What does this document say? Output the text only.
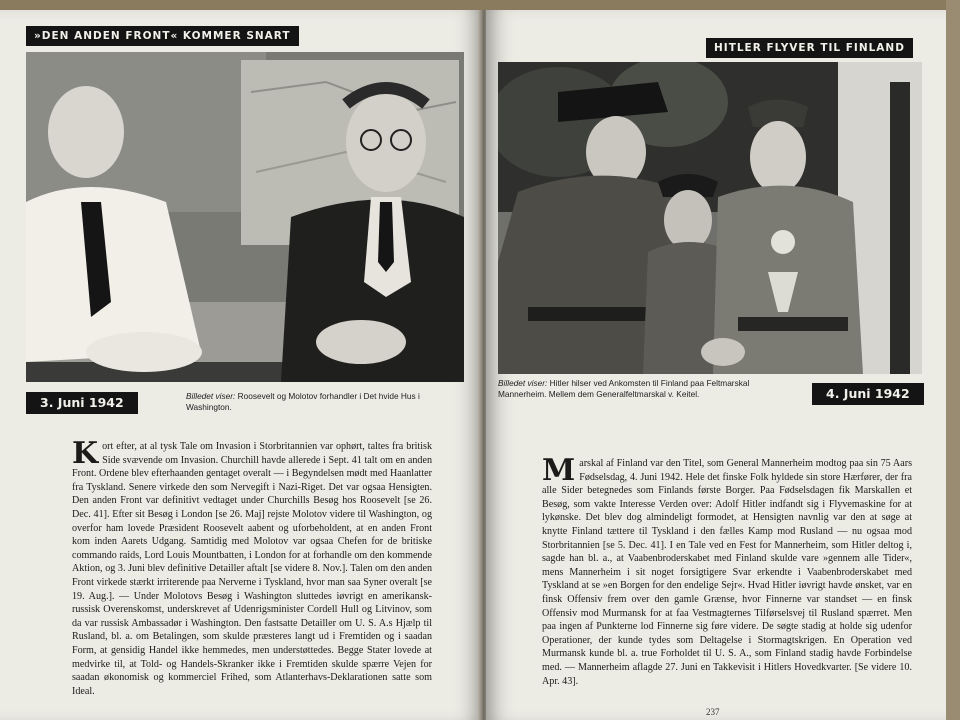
»DEN ANDEN FRONT« KOMMER SNART
3. Juni 1942	Billedet viser: Roosevelt og Molotov forhandler i Det hvide Hus i Washington.

K ort efter, at al tysk Tale om Invasion i Storbritannien var ophørt, taltes fra britisk Side svævende om Invasion. Churchill havde allerede i Sept. 41 talt om en anden Front. Ordene blev efterhaanden gentaget overalt — i Begyndelsen mødt med Haanlatter fra Tyskland. Senere virkede den som Nervegift i Nazi-Riget. Det var ogsaa Hensigten. Den anden Front var definitivt vedtaget under Churchills Besøg hos Roosevelt [se 26. Dec. 41]. Efter sit Besøg i London [se 26. Maj] rejste Molotov videre til Washington, og overfor ham lovede Præsident Roosevelt aabent og uforbeholdent, at en anden Front kom inden Aarets Udgang. Samtidig med Molotov var ogsaa Chefen for de britiske commando raids, Lord Louis Mountbatten, i London for at forhandle om den kommende Aktion, og 3. Juni blev definitive Detailler aftalt [se videre 8. Nov.]. Talen om den anden Front virkede stærkt irriterende paa Nerverne i Tyskland, hvor man saa Syner overalt [se 19. Aug.]. — Under Molotovs Besøg i Washington sluttedes iøvrigt en amerikansk-russisk Overenskomst, underskrevet af Udenrigsminister Cordell Hull og Litvinov, som da var russisk Ambassadør i Washington. Den fastsatte Detailler om U. S. A.s Hjælp til Rusland, bl. a. om Betalingen, som skulde præsteres langt ud i Fremtiden og i saadan Form, at gensidig Handel ikke hemmedes, men understøttedes. Begge Stater lovede at medvirke til, at Told- og Handels-Skranker ikke i Fremtiden skulde spærre Vejen for saadan økonomisk og kommerciel Frihed, som Atlanterhavs-Deklarationen satte som Ideal.

HITLER FLYVER TIL FINLAND
Billedet viser: Hitler hilser ved Ankomsten til Finland paa Feltmarskal Mannerheim. Mellem dem Generalfeltmarskal v. Keitel.	4. Juni 1942

M arskal af Finland var den Titel, som General Mannerheim modtog paa sin 75 Aars Fødselsdag, 4. Juni 1942. Hele det finske Folk hyldede sin store Hærfører, der fra alle Sider betegnedes som Finlands første Borger. Paa Fødselsdagen fik Marskallen et Besøg, som vakte Interesse Verden over: Adolf Hitler indfandt sig i Flyvemaskine for at lykønske. Det blev dog almindeligt formodet, at Hensigten navnlig var den at søge at knytte Finland tættere til Tyskland i den fælles Kamp mod Rusland — nu ogsaa mod Storbritannien [se 5. Dec. 41]. I en Tale ved en Fest for Mannerheim, som Hitler deltog i, sagde han bl. a., at Vaabenbroderskabet med Finland skulde vare »gennem alle Tider«, mens Mannerheim i sit noget forsigtigere Svar erkendte i Vaabenbroderskabet med Tyskland at se »en Borgen for den endelige Sejr«. Hvad Hitler iøvrigt havde ønsket, var en finsk Offensiv frem over den gamle Grænse, hvor Finnerne var standset — en finsk Offensiv mod Murmansk for at faa Vestmagternes Tilførselsvej til Rusland spærret. Men paa ingen af Punkterne lod Finnerne sig føre videre. De søgte stadig at holde sig udenfor Operationer, der kunde tydes som Deltagelse i Stormagtskrigen. En Operation ved Murmansk kunde bl. a. true Forholdet til U. S. A., som Finland stadig havde Forbindelse med. — Mannerheim aflagde 27. Juni en Takkevisit i Hitlers Hovedkvarter. [Se videre 10. Apr. 43].

237
